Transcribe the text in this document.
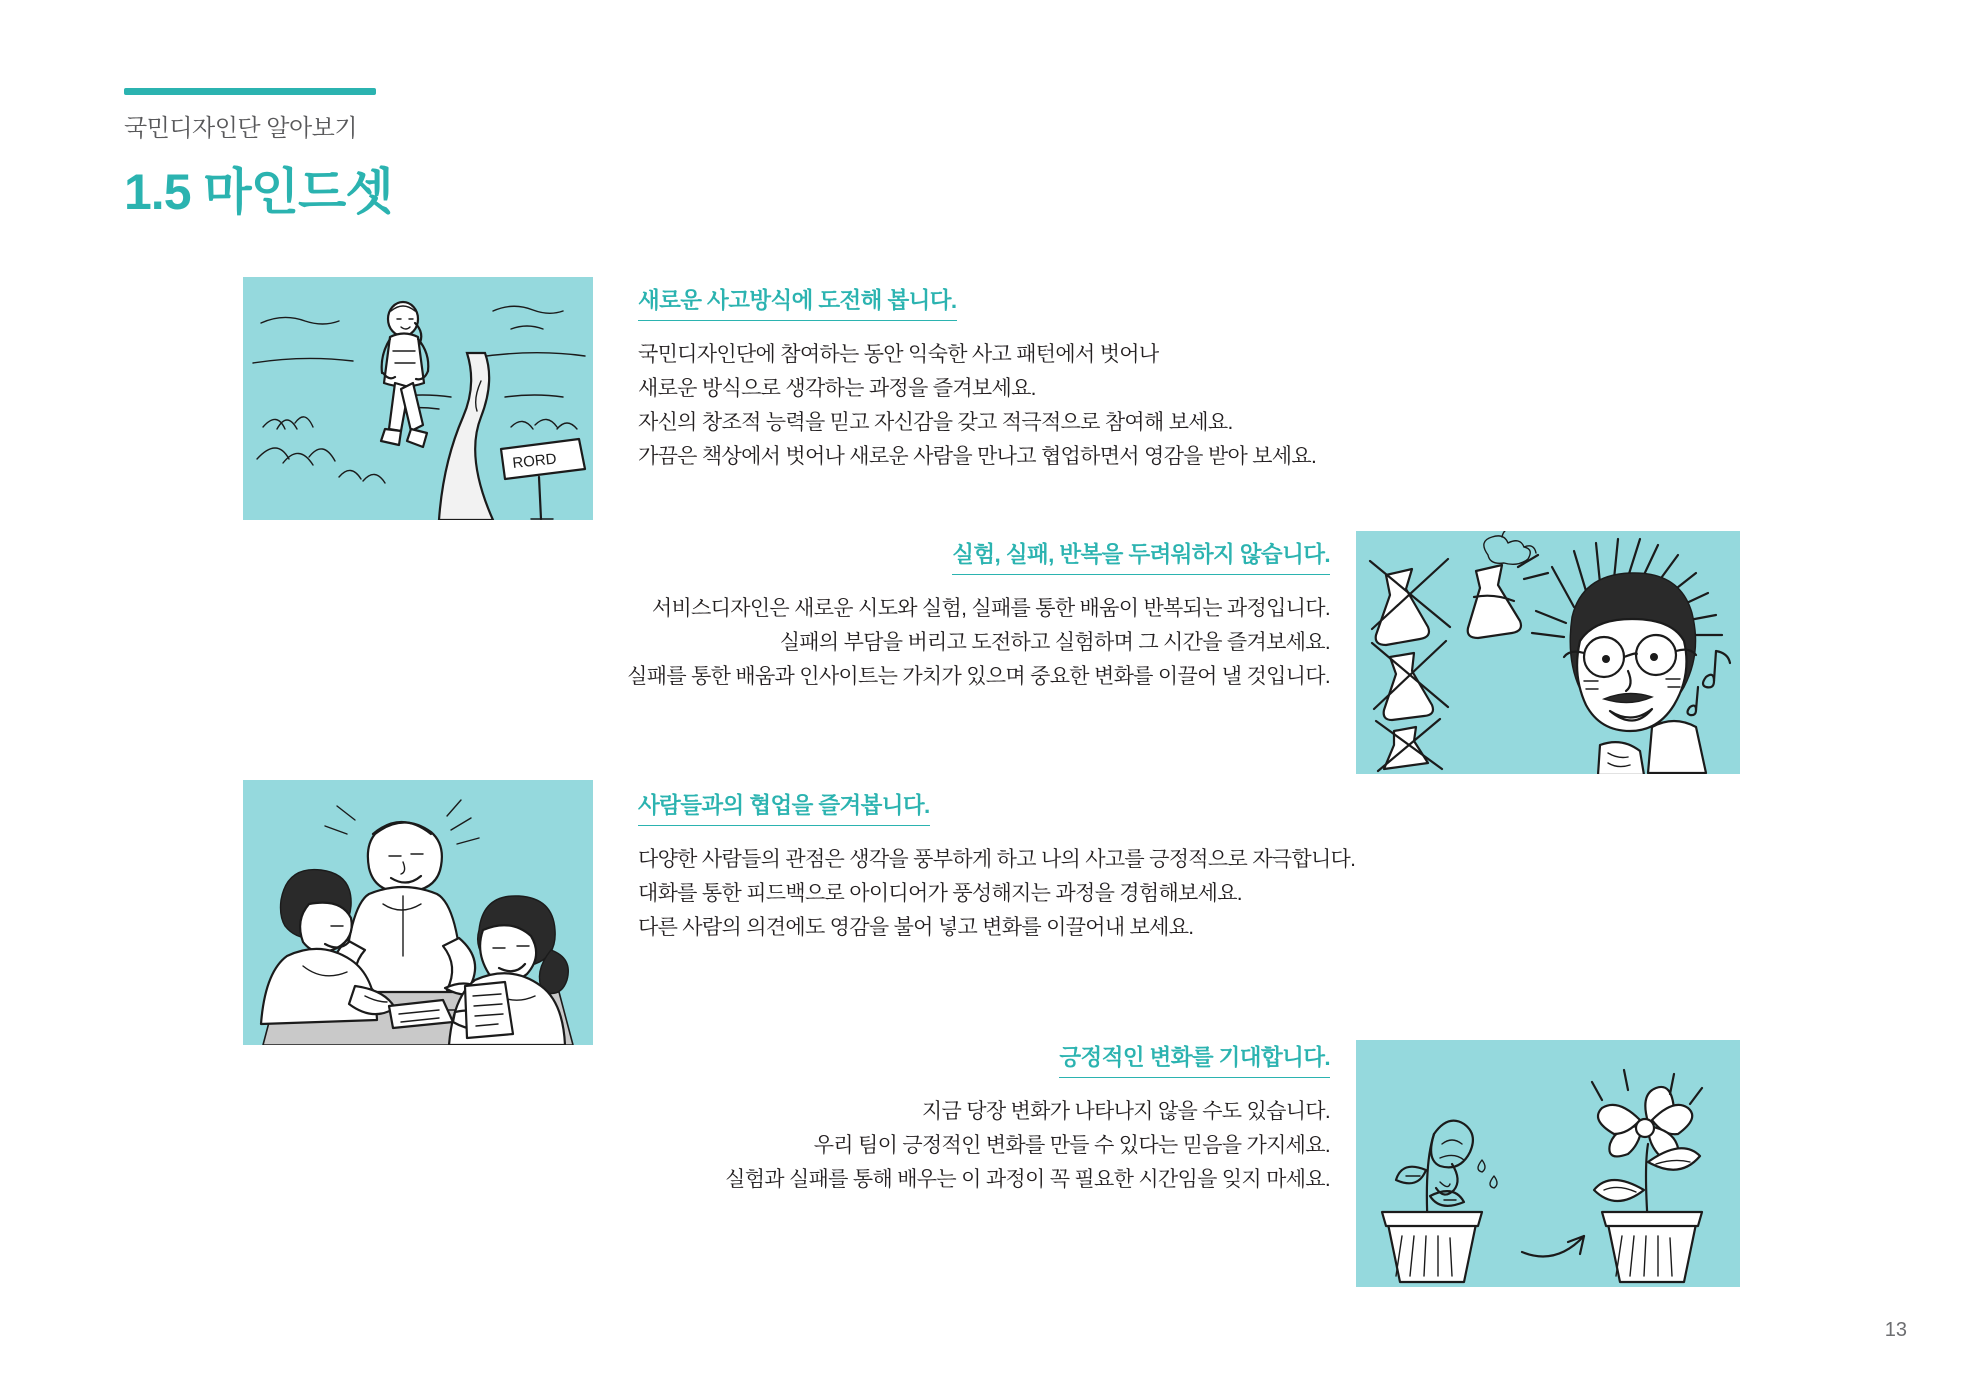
국민디자인단 알아보기
1.5 마인드셋
RORD
새로운 사고방식에 도전해 봅니다.
국민디자인단에 참여하는 동안 익숙한 사고 패턴에서 벗어나
새로운 방식으로 생각하는 과정을 즐겨보세요.
자신의 창조적 능력을 믿고 자신감을 갖고 적극적으로 참여해 보세요.
가끔은 책상에서 벗어나 새로운 사람을 만나고 협업하면서 영감을 받아 보세요.
실험, 실패, 반복을 두려워하지 않습니다.
서비스디자인은 새로운 시도와 실험, 실패를 통한 배움이 반복되는 과정입니다.
실패의 부담을 버리고 도전하고 실험하며 그 시간을 즐겨보세요.
실패를 통한 배움과 인사이트는 가치가 있으며 중요한 변화를 이끌어 낼 것입니다.
사람들과의 협업을 즐겨봅니다.
다양한 사람들의 관점은 생각을 풍부하게 하고 나의 사고를 긍정적으로 자극합니다.
대화를 통한 피드백으로 아이디어가 풍성해지는 과정을 경험해보세요.
다른 사람의 의견에도 영감을 불어 넣고 변화를 이끌어내 보세요.
긍정적인 변화를 기대합니다.
지금 당장 변화가 나타나지 않을 수도 있습니다.
우리 팀이 긍정적인 변화를 만들 수 있다는 믿음을 가지세요.
실험과 실패를 통해 배우는 이 과정이 꼭 필요한 시간임을 잊지 마세요.
13
